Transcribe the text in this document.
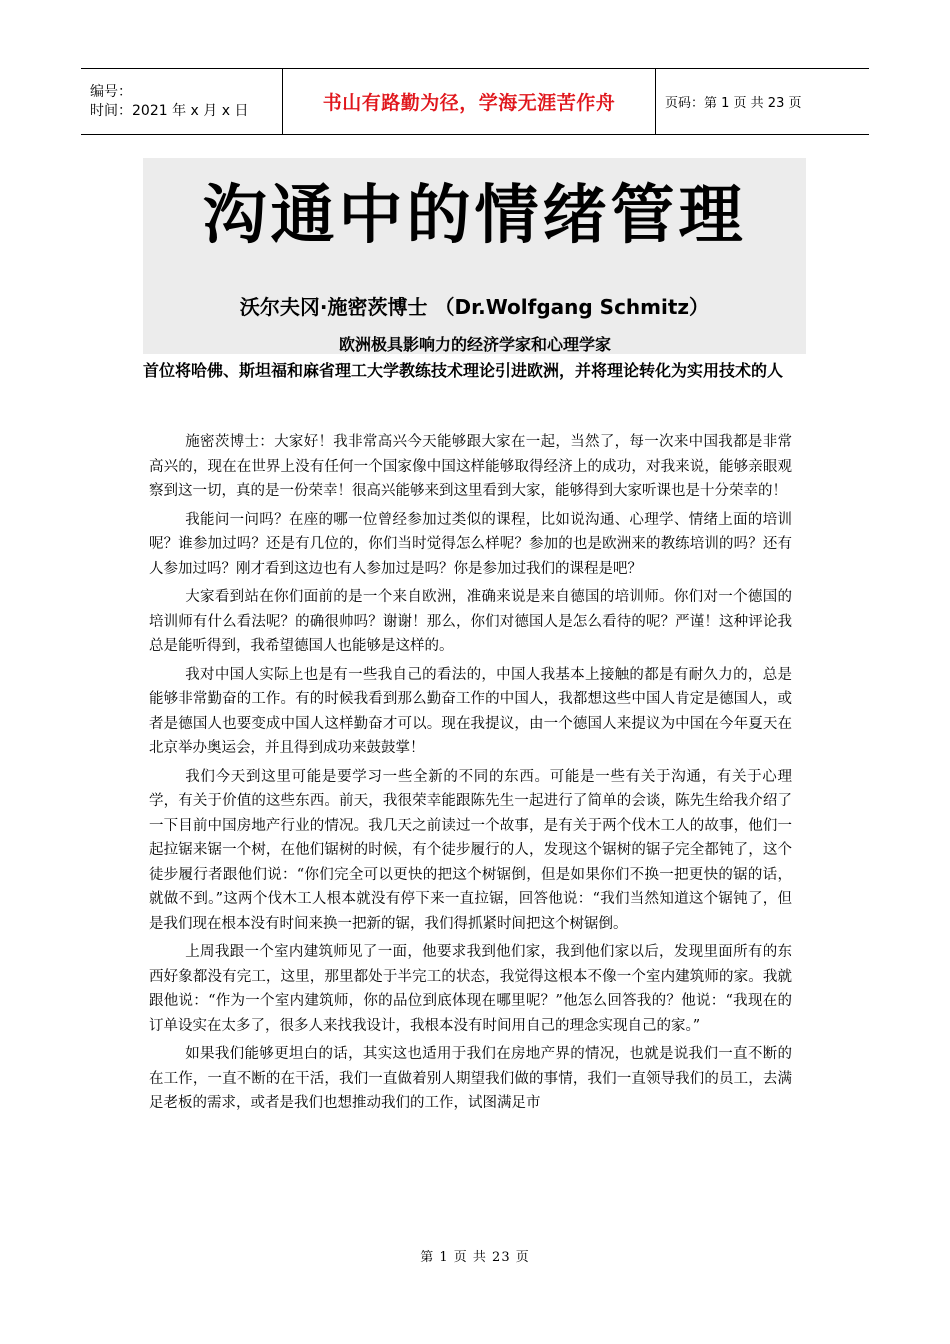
编号：
时间：2021 年 x 月 x 日	书山有路勤为径，学海无涯苦作舟	页码：第 1 页 共 23 页
沟通中的情绪管理
沃尔夫冈·施密茨博士 （Dr.Wolfgang Schmitz）
欧洲极具影响力的经济学家和心理学家
首位将哈佛、斯坦福和麻省理工大学教练技术理论引进欧洲，并将理论转化为实用技术的人

施密茨博士：大家好！我非常高兴今天能够跟大家在一起，当然了，每一次来中国我都是非常高兴的，现在在世界上没有任何一个国家像中国这样能够取得经济上的成功，对我来说，能够亲眼观察到这一切，真的是一份荣幸！很高兴能够来到这里看到大家，能够得到大家听课也是十分荣幸的！

我能问一问吗？在座的哪一位曾经参加过类似的课程，比如说沟通、心理学、情绪上面的培训呢？谁参加过吗？还是有几位的，你们当时觉得怎么样呢？参加的也是欧洲来的教练培训的吗？还有人参加过吗？刚才看到这边也有人参加过是吗？你是参加过我们的课程是吧？

大家看到站在你们面前的是一个来自欧洲，准确来说是来自德国的培训师。你们对一个德国的培训师有什么看法呢？的确很帅吗？谢谢！那么，你们对德国人是怎么看待的呢？严谨！这种评论我总是能听得到，我希望德国人也能够是这样的。

我对中国人实际上也是有一些我自己的看法的，中国人我基本上接触的都是有耐久力的，总是能够非常勤奋的工作。有的时候我看到那么勤奋工作的中国人，我都想这些中国人肯定是德国人，或者是德国人也要变成中国人这样勤奋才可以。现在我提议，由一个德国人来提议为中国在今年夏天在北京举办奥运会，并且得到成功来鼓鼓掌！

我们今天到这里可能是要学习一些全新的不同的东西。可能是一些有关于沟通，有关于心理学，有关于价值的这些东西。前天，我很荣幸能跟陈先生一起进行了简单的会谈，陈先生给我介绍了一下目前中国房地产行业的情况。我几天之前读过一个故事，是有关于两个伐木工人的故事，他们一起拉锯来锯一个树，在他们锯树的时候，有个徒步履行的人，发现这个锯树的锯子完全都钝了，这个徒步履行者跟他们说：“你们完全可以更快的把这个树锯倒，但是如果你们不换一把更快的锯的话，就做不到。”这两个伐木工人根本就没有停下来一直拉锯，回答他说：“我们当然知道这个锯钝了，但是我们现在根本没有时间来换一把新的锯，我们得抓紧时间把这个树锯倒。

上周我跟一个室内建筑师见了一面，他要求我到他们家，我到他们家以后，发现里面所有的东西好象都没有完工，这里，那里都处于半完工的状态，我觉得这根本不像一个室内建筑师的家。我就跟他说：“作为一个室内建筑师，你的品位到底体现在哪里呢？”他怎么回答我的？他说：“我现在的订单设实在太多了，很多人来找我设计，我根本没有时间用自己的理念实现自己的家。”

如果我们能够更坦白的话，其实这也适用于我们在房地产界的情况，也就是说我们一直不断的在工作，一直不断的在干活，我们一直做着别人期望我们做的事情，我们一直领导我们的员工，去满足老板的需求，或者是我们也想推动我们的工作，试图满足市

第 1 页 共 23 页
